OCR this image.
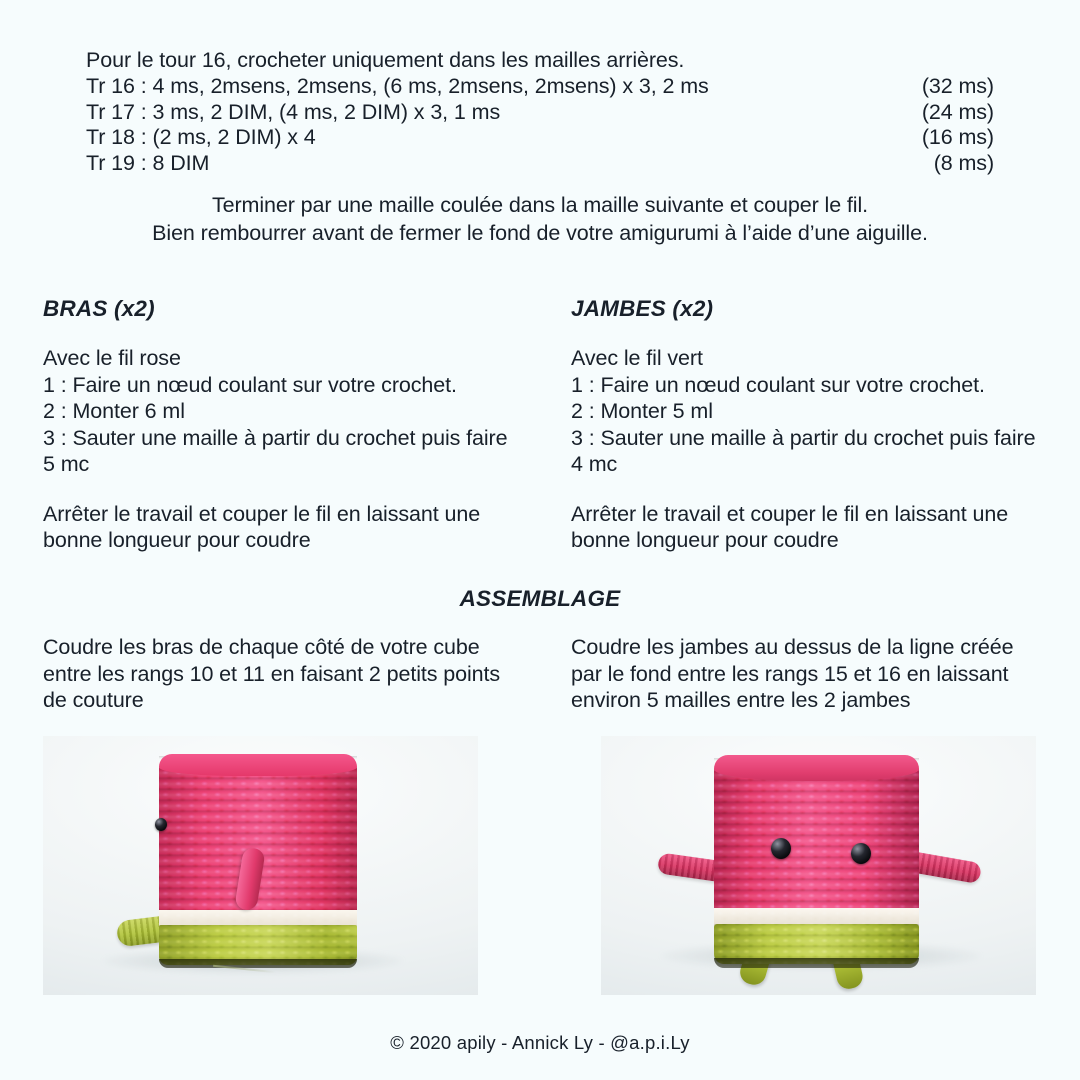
Pour le tour 16, crocheter uniquement dans les mailles arrières.
Tr 16 : 4 ms, 2msens, 2msens, (6 ms, 2msens, 2msens) x 3, 2 ms	(32 ms)
Tr 17 : 3 ms, 2 DIM, (4 ms, 2 DIM) x 3, 1 ms	(24 ms)
Tr 18 : (2 ms, 2 DIM) x 4	(16 ms)
Tr 19 : 8 DIM	(8 ms)
Terminer par une maille coulée dans la maille suivante et couper le fil.
Bien rembourrer avant de fermer le fond de votre amigurumi à l’aide d’une aiguille.
BRAS (x2)
Avec le fil rose
1 : Faire un nœud coulant sur votre crochet.
2 : Monter 6 ml
3 : Sauter une maille à partir du crochet puis faire 5 mc
Arrêter le travail et couper le fil en laissant une bonne longueur pour coudre
JAMBES (x2)
Avec le fil vert
1 : Faire un nœud coulant sur votre crochet.
2 : Monter 5 ml
3 : Sauter une maille à partir du crochet puis faire 4 mc
Arrêter le travail et couper le fil en laissant une bonne longueur pour coudre
ASSEMBLAGE
Coudre les bras de chaque côté de votre cube entre les rangs 10 et 11 en faisant 2 petits points de couture
Coudre les jambes au dessus de la ligne créée par le fond entre les rangs 15 et 16 en laissant environ 5 mailles entre les 2 jambes
© 2020 apily - Annick Ly - @a.p.i.Ly
